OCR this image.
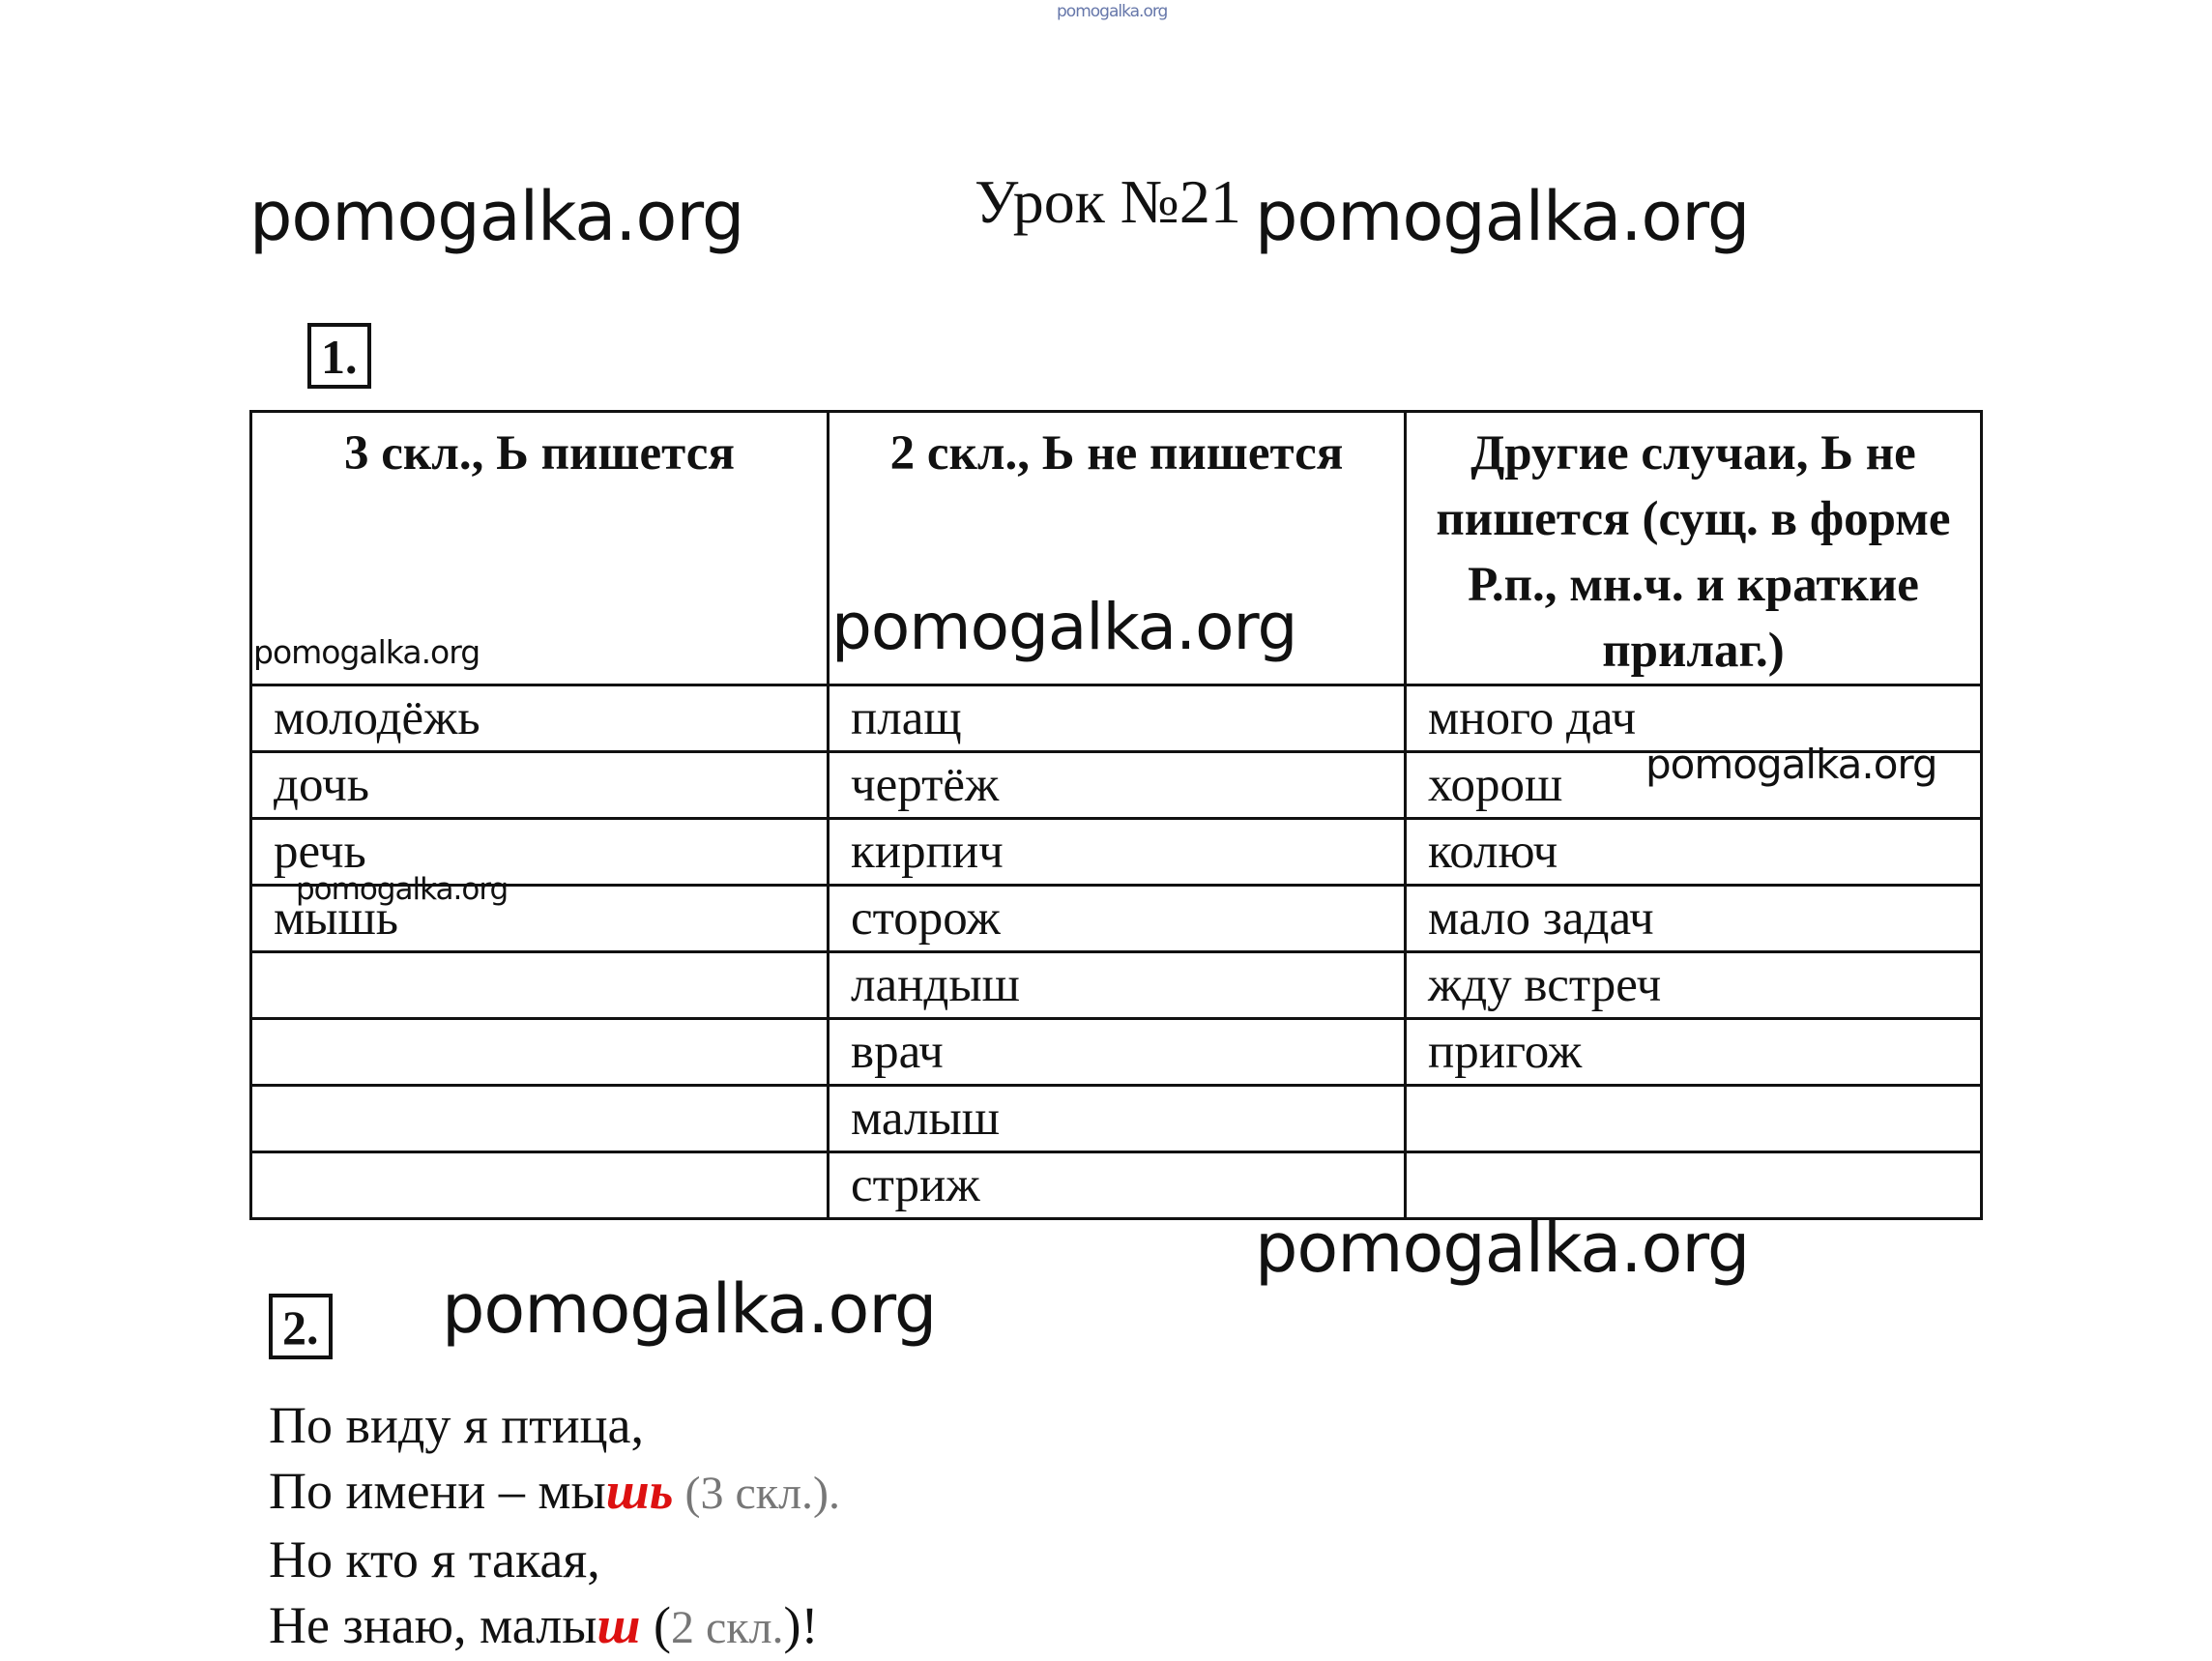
pomogalka.org
pomogalka.org	Урок №21 pomogalka.org
1.
3 скл., Ь пишется	2 скл., Ь не пишется	Другие случаи, Ь не пишется (сущ. в форме Р.п., мн.ч. и краткие прилаг.)
молодёжь	плащ	много дач
дочь	чертёж	хорош
речь	кирпич	колюч
мышь	сторож	мало задач
	ландыш	жду встреч
	врач	пригож
	малыш	
	стриж	
pomogalka.org
pomogalka.org
pomogalka.org
pomogalka.org
pomogalka.org
2. pomogalka.org
По виду я птица,
По имени – мышь (3 скл.).
Но кто я такая,
Не знаю, малыш (2 скл.)!
